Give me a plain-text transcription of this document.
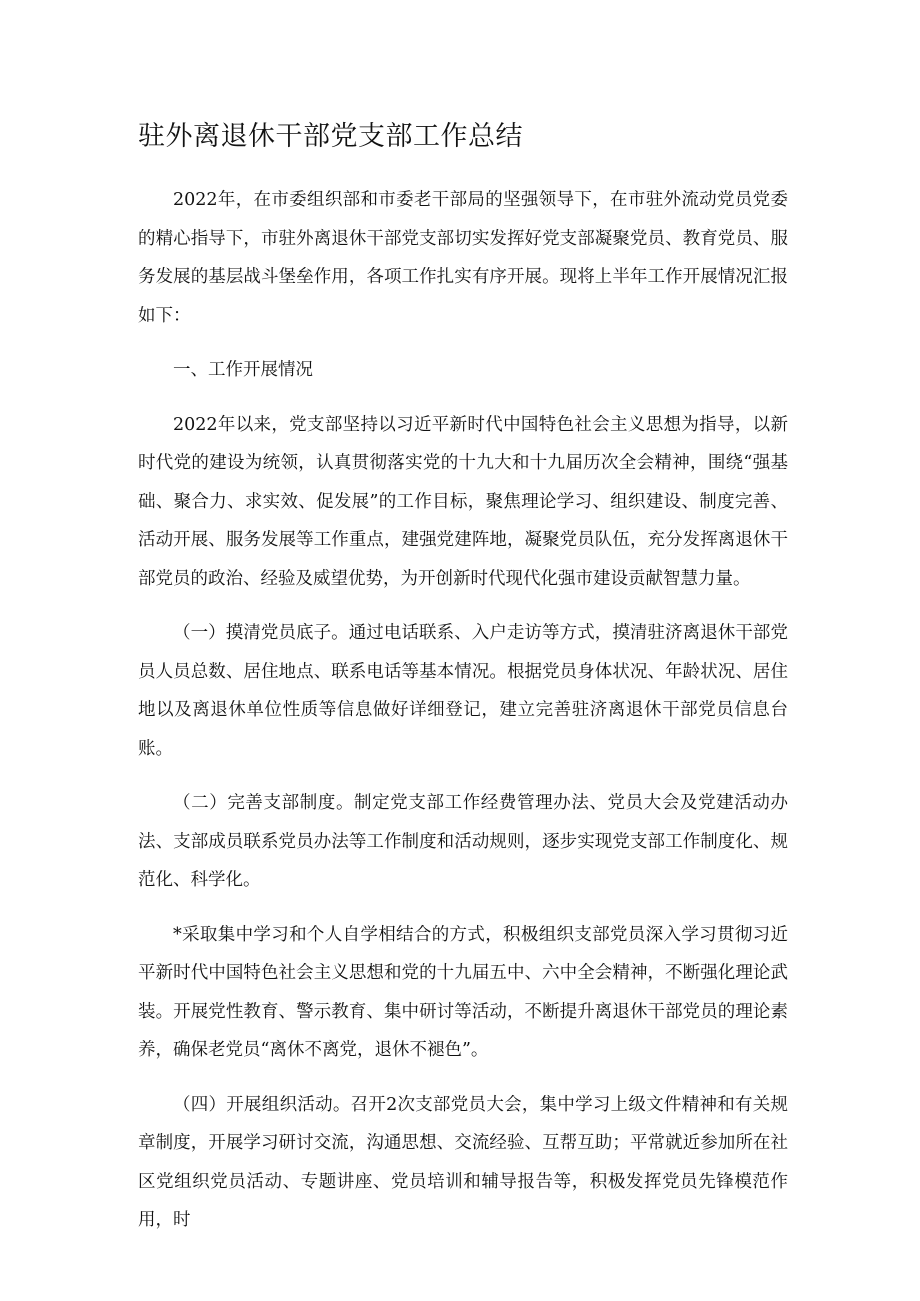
驻外离退休干部党支部工作总结

2022年，在市委组织部和市委老干部局的坚强领导下，在市驻外流动党员党委的精心指导下，市驻外离退休干部党支部切实发挥好党支部凝聚党员、教育党员、服务发展的基层战斗堡垒作用，各项工作扎实有序开展。现将上半年工作开展情况汇报如下：

一、工作开展情况

2022年以来，党支部坚持以习近平新时代中国特色社会主义思想为指导，以新时代党的建设为统领，认真贯彻落实党的十九大和十九届历次全会精神，围绕“强基础、聚合力、求实效、促发展”的工作目标，聚焦理论学习、组织建设、制度完善、活动开展、服务发展等工作重点，建强党建阵地，凝聚党员队伍，充分发挥离退休干部党员的政治、经验及威望优势，为开创新时代现代化强市建设贡献智慧力量。

（一）摸清党员底子。通过电话联系、入户走访等方式，摸清驻济离退休干部党员人员总数、居住地点、联系电话等基本情况。根据党员身体状况、年龄状况、居住地以及离退休单位性质等信息做好详细登记，建立完善驻济离退休干部党员信息台账。

（二）完善支部制度。制定党支部工作经费管理办法、党员大会及党建活动办法、支部成员联系党员办法等工作制度和活动规则，逐步实现党支部工作制度化、规范化、科学化。

*采取集中学习和个人自学相结合的方式，积极组织支部党员深入学习贯彻习近平新时代中国特色社会主义思想和党的十九届五中、六中全会精神，不断强化理论武装。开展党性教育、警示教育、集中研讨等活动，不断提升离退休干部党员的理论素养，确保老党员“离休不离党，退休不褪色”。

（四）开展组织活动。召开2次支部党员大会，集中学习上级文件精神和有关规章制度，开展学习研讨交流，沟通思想、交流经验、互帮互助；平常就近参加所在社区党组织党员活动、专题讲座、党员培训和辅导报告等，积极发挥党员先锋模范作用，时
